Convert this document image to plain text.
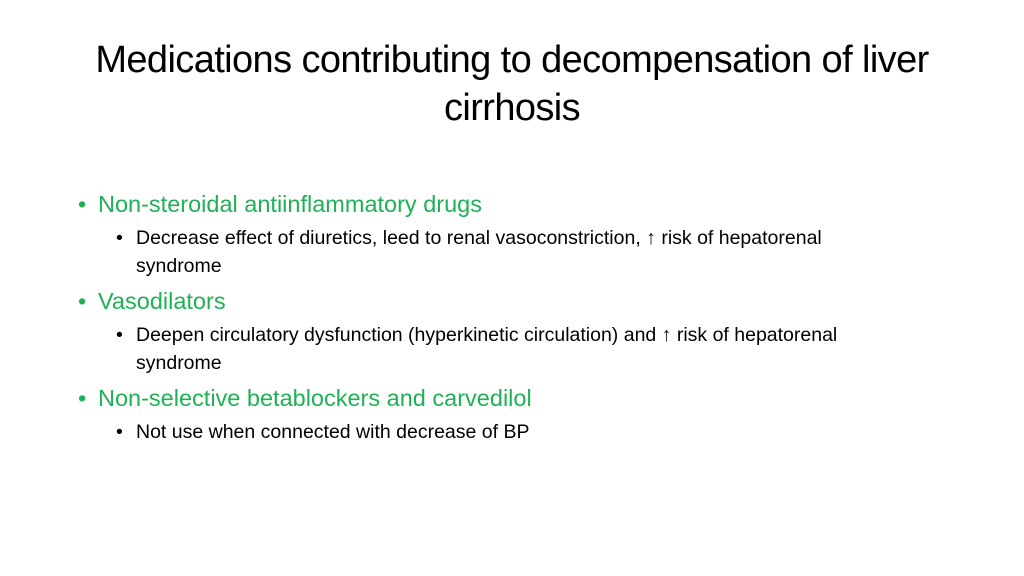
Medications contributing to decompensation of liver cirrhosis
• Non-steroidal antiinflammatory drugs
• Decrease effect of diuretics, leed to renal vasoconstriction, ↑ risk of hepatorenal syndrome
• Vasodilators
• Deepen circulatory dysfunction (hyperkinetic circulation) and ↑ risk of hepatorenal syndrome
• Non-selective betablockers and carvedilol
• Not use when connected with decrease of BP
